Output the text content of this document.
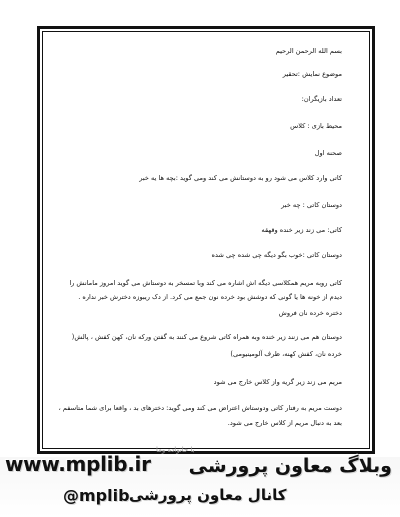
بسم الله الرحمن الرحیم
موضوع نمایش :تحقیر
تعداد بازیگران:
محیط بازی : کلاس
صحنه اول
کاتی وارد کلاس می شود رو به دوستانش می کند ومی گوید :بچه ها یه خبر
دوستان کاتی : چه خبر
کاتی: می زند زیر خنده وقهقه
دوستان کاتی :خوب بگو دیگه چی شده چی شده
کاتی روبه مریم همکلاسی دیگه اش اشاره می کند وبا تمسخر به دوستاش می گوید امروز مامانش را
دیدم از خونه ها یا گونی که دوشش بود خرده نون جمع می کرد. از دک ریبوزه دخترش خبر نداره .
دختره خرده نان فروش
دوستان هم می زنند زیر خنده وبه همراه کاتی شروع می کنند به گفتن ورکه نان، کهن کفش ، پالش(
خرده نان، کفش کهنه، ظرف آلومینیومی)
مریم می زند زیر گریه واز کلاس خارج می شود
دوست مریم به رفتار کاتی ودوستاش اعتراض می کند ومی گوید: دخترهای بد ، واقعا برای شما متاسفم ،
بعد به دنبال مریم از کلاس خارج می شود.
با خانواده وما
www.mplib.ir وبلاگ معاون پرورشی
کانال معاون پرورشی
@mplib
